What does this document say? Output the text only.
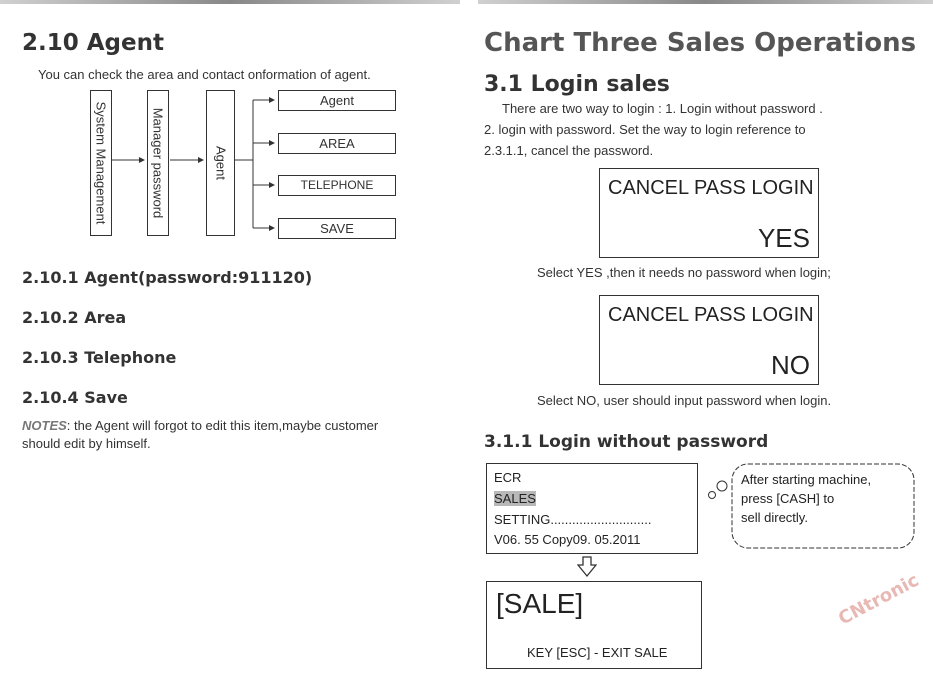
2.10 Agent
You can check the area and contact onformation of agent.
System Management	Manager password	Agent
Agent
AREA
TELEPHONE
SAVE
2.10.1 Agent(password:911120)
2.10.2 Area
2.10.3 Telephone
2.10.4 Save
NOTES: the Agent will forgot to edit this item,maybe customer
should edit by himself.
Chart Three Sales Operations
3.1 Login sales
There are two way to login : 1. Login without password .
2. login with password. Set the way to login reference to
2.3.1.1, cancel the password.
CANCEL PASS LOGIN
YES
Select YES ,then it needs no password when login;
CANCEL PASS LOGIN
NO
Select NO, user should input password when login.
3.1.1 Login without password
ECR
SALES
SETTING............................
V06. 55 Copy09. 05.2011
After starting machine,
press [CASH] to
sell directly.
[SALE]
KEY [ESC] - EXIT SALE
CNtronic
